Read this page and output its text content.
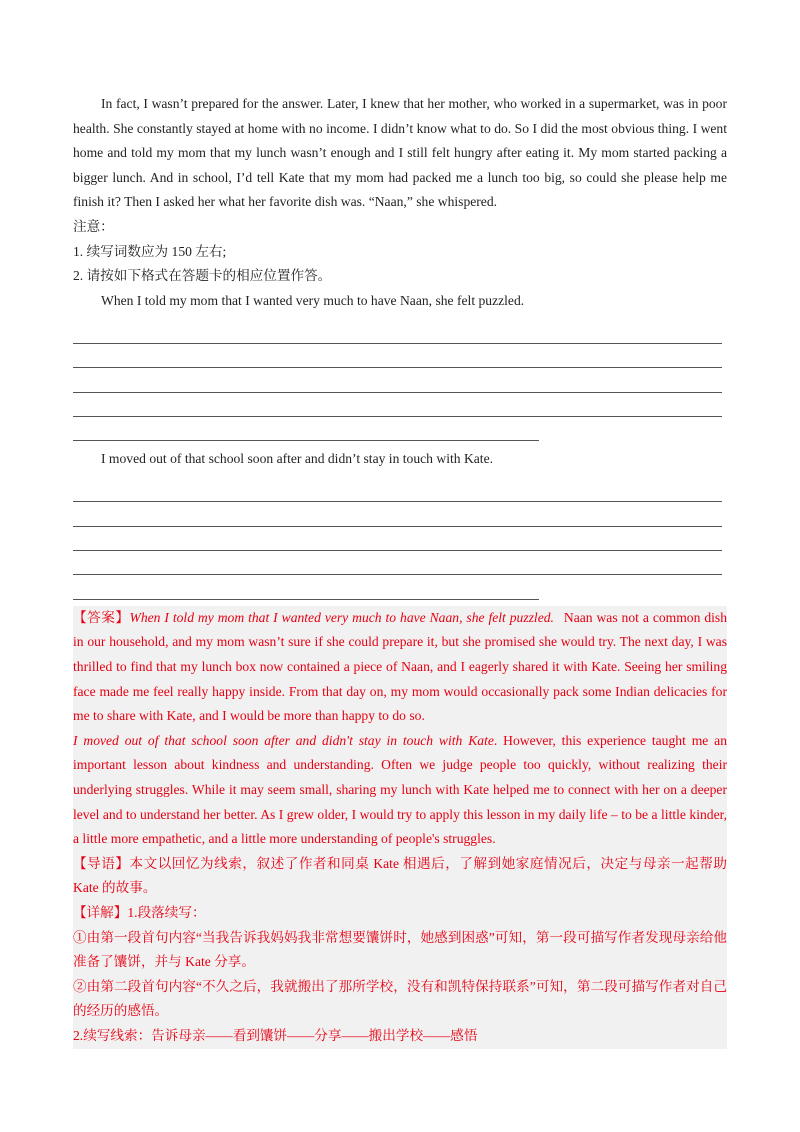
In fact, I wasn’t prepared for the answer. Later, I knew that her mother, who worked in a supermarket, was in poor health. She constantly stayed at home with no income. I didn’t know what to do. So I did the most obvious thing. I went home and told my mom that my lunch wasn’t enough and I still felt hungry after eating it. My mom started packing a bigger lunch. And in school, I’d tell Kate that my mom had packed me a lunch too big, so could she please help me finish it? Then I asked her what her favorite dish was. “Naan,” she whispered.

注意：

1. 续写词数应为 150 左右;

2. 请按如下格式在答题卡的相应位置作答。

When I told my mom that I wanted very much to have Naan, she felt puzzled.

I moved out of that school soon after and didn’t stay in touch with Kate.

【答案】When I told my mom that I wanted very much to have Naan, she felt puzzled. Naan was not a common dish in our household, and my mom wasn’t sure if she could prepare it, but she promised she would try. The next day, I was thrilled to find that my lunch box now contained a piece of Naan, and I eagerly shared it with Kate. Seeing her smiling face made me feel really happy inside. From that day on, my mom would occasionally pack some Indian delicacies for me to share with Kate, and I would be more than happy to do so.

I moved out of that school soon after and didn't stay in touch with Kate. However, this experience taught me an important lesson about kindness and understanding. Often we judge people too quickly, without realizing their underlying struggles. While it may seem small, sharing my lunch with Kate helped me to connect with her on a deeper level and to understand her better. As I grew older, I would try to apply this lesson in my daily life – to be a little kinder, a little more empathetic, and a little more understanding of people's struggles.

【导语】本文以回忆为线索，叙述了作者和同桌 Kate 相遇后，了解到她家庭情况后，决定与母亲一起帮助 Kate 的故事。

【详解】1.段落续写：

①由第一段首句内容“当我告诉我妈妈我非常想要馕饼时，她感到困惑”可知，第一段可描写作者发现母亲给他准备了馕饼，并与 Kate 分享。

②由第二段首句内容“不久之后，我就搬出了那所学校，没有和凯特保持联系”可知，第二段可描写作者对自己的经历的感悟。

2.续写线索：告诉母亲——看到馕饼——分享——搬出学校——感悟
